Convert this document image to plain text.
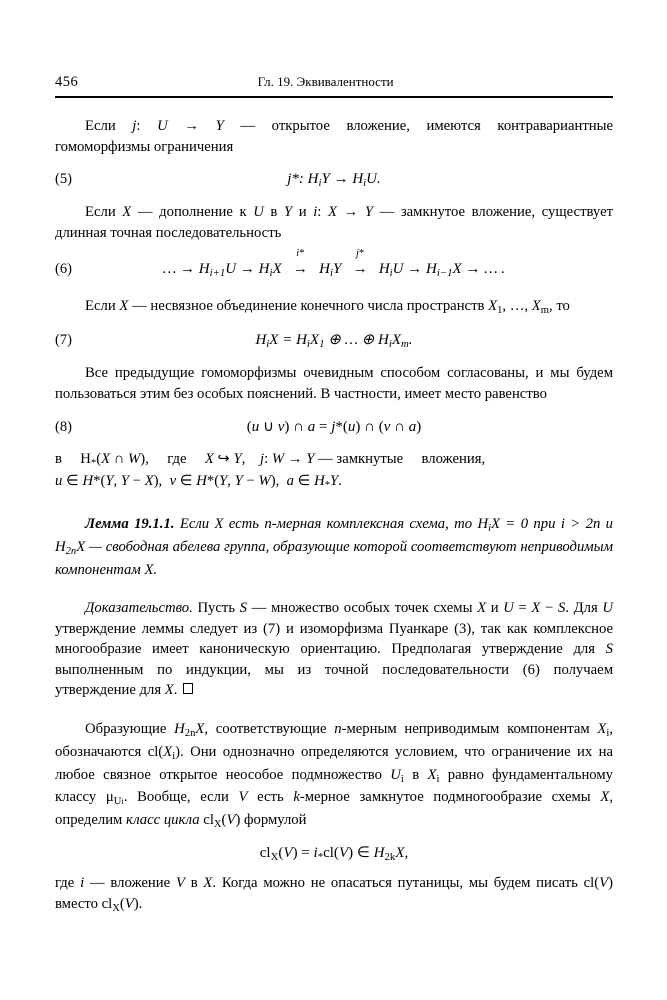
456	Гл. 19. Эквивалентности

Если j: U → Y — открытое вложение, имеются контравариантные гомоморфизмы ограничения

(5)	j*: $H_iY \to H_iU$.

Если X — дополнение к U в Y и i: X → Y — замкнутое вложение, существует длинная точная последовательность

(6)	… → $H_{i+1}U \to H_iX$
i*
→ $H_iY$
j*
→ $H_iU \to H_{i-1}X$ → … .

Если X — несвязное объединение конечного числа пространств $X_1$, …, $X_m$, то

(7)	$H_iX = H_iX_1$ ⊕ … ⊕ $H_iX_m$.

Все предыдущие гомоморфизмы очевидным способом согласованы, и мы будем пользоваться этим без особых пояснений. В частности, имеет место равенство

(8)	(u ∪ v) ∩ a = j*(u) ∩ (v ∩ a)

в     $H_*(X$ ∩ W),     где     X ↪ Y,    j: W → Y — замкнутые     вложения,

u ∈ H*(Y, Y − X),  v ∈ H*(Y, Y − W),  a ∈ $H_*Y$.

Лемма 19.1.1. Если X есть n-мерная комплексная схема, то $H_iX = 0$ при i > 2n и $H_{2n}X$ — свободная абелева группа, образующие которой соответствуют неприводимым компонентам X.

Доказательство. Пусть S — множество особых точек схемы X и U = X − S. Для U утверждение леммы следует из (7) и изоморфизма Пуанкаре (3), так как комплексное многообразие имеет каноническую ориентацию. Предполагая утверждение для S выполненным по индукции, мы из точной последовательности (6) получаем утверждение для X.

Образующие $H_{2n}X$, соответствующие n-мерным неприводимым компонентам $X_i$, обозначаются $cl(X_i)$. Они однозначно определяются условием, что ограничение их на любое связное открытое неособое подмножество $U_i$ в $X_i$ равно фундаментальному классу $\mu_{Ui}$. Вообще, если V есть k-мерное замкнутое подмногообразие схемы X, определим класс цикла $cl_X(V)$ формулой

$cl_X(V) = i_*cl(V)$ ∈ $H_{2k}X$,

где i — вложение V в X. Когда можно не опасаться путаницы, мы будем писать cl(V) вместо $cl_X(V)$.
